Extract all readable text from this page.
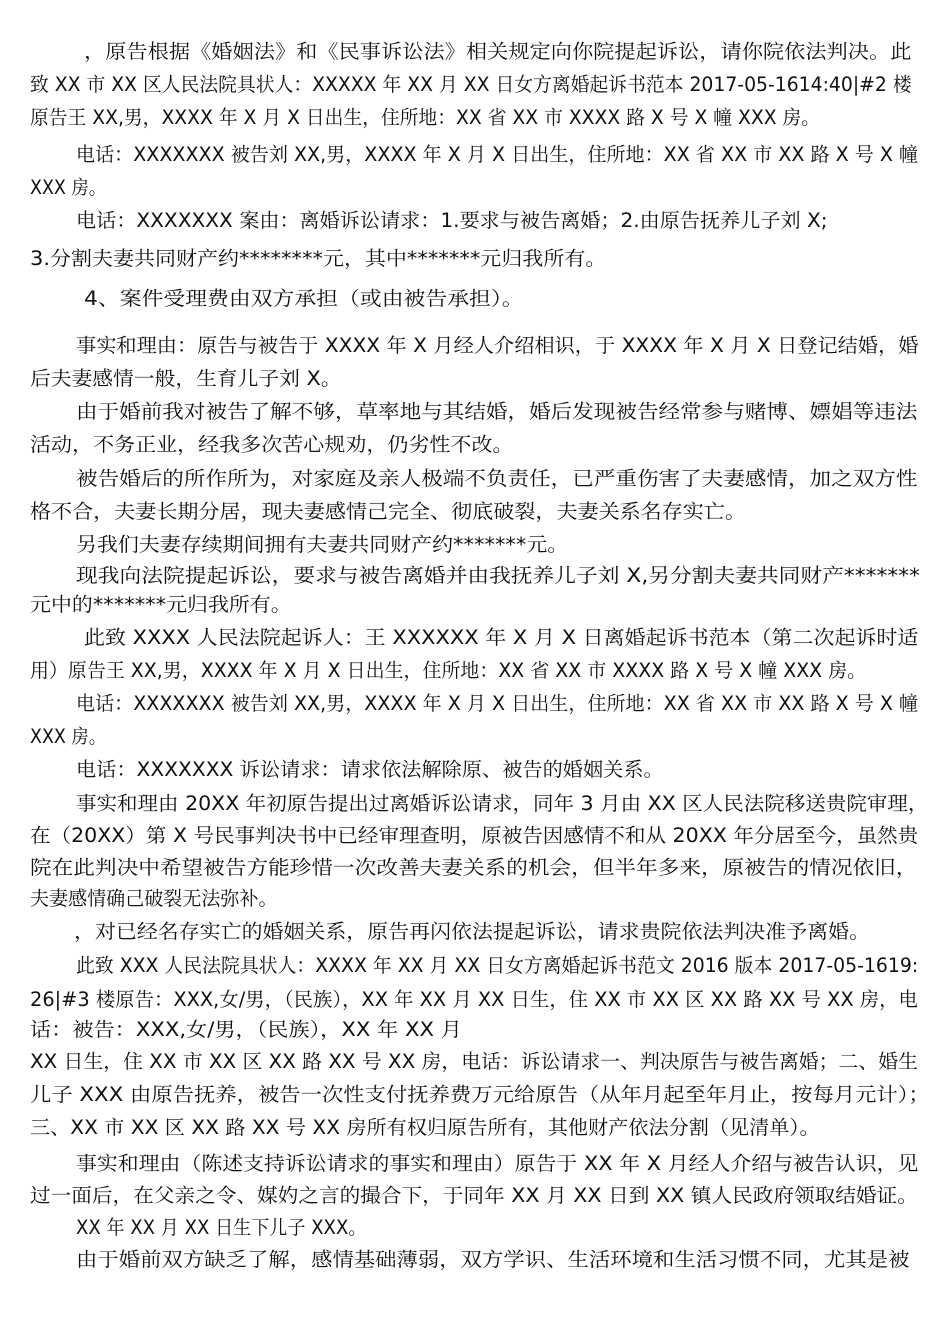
，原告根据《婚姻法》和《民事诉讼法》相关规定向你院提起诉讼，请你院依法判决。此
致 XX 市 XX 区人民法院具状人：XXXXX 年 XX 月 XX 日女方离婚起诉书范本 2017-05-1614:40|#2 楼
原告王 XX,男，XXXX 年 X 月 X 日出生，住所地：XX 省 XX 市 XXXX 路 X 号 X 幢 XXX 房。
电话：XXXXXXX 被告刘 XX,男，XXXX 年 X 月 X 日出生，住所地：XX 省 XX 市 XX 路 X 号 X 幢
XXX 房。
电话：XXXXXXX 案由：离婚诉讼请求：1.要求与被告离婚；2.由原告抚养儿子刘 X;
3.分割夫妻共同财产约********元，其中*******元归我所有。
4、案件受理费由双方承担（或由被告承担）。
事实和理由：原告与被告于 XXXX 年 X 月经人介绍相识，于 XXXX 年 X 月 X 日登记结婚，婚
后夫妻感情一般，生育儿子刘 X。
由于婚前我对被告了解不够，草率地与其结婚，婚后发现被告经常参与赌博、嫖娼等违法
活动，不务正业，经我多次苦心规劝，仍劣性不改。
被告婚后的所作所为，对家庭及亲人极端不负责任，已严重伤害了夫妻感情，加之双方性
格不合，夫妻长期分居，现夫妻感情己完全、彻底破裂，夫妻关系名存实亡。
另我们夫妻存续期间拥有夫妻共同财产约*******元。
现我向法院提起诉讼，要求与被告离婚并由我抚养儿子刘 X,另分割夫妻共同财产*******
元中的*******元归我所有。
此致 XXXX 人民法院起诉人：王 XXXXXX 年 X 月 X 日离婚起诉书范本（第二次起诉时适
用）原告王 XX,男，XXXX 年 X 月 X 日出生，住所地：XX 省 XX 市 XXXX 路 X 号 X 幢 XXX 房。
电话：XXXXXXX 被告刘 XX,男，XXXX 年 X 月 X 日出生，住所地：XX 省 XX 市 XX 路 X 号 X 幢
XXX 房。
电话：XXXXXXX 诉讼请求：请求依法解除原、被告的婚姻关系。
事实和理由 20XX 年初原告提出过离婚诉讼请求，同年 3 月由 XX 区人民法院移送贵院审理，
在（20XX）第 X 号民事判决书中已经审理查明，原被告因感情不和从 20XX 年分居至今，虽然贵
院在此判决中希望被告方能珍惜一次改善夫妻关系的机会，但半年多来，原被告的情况依旧，
夫妻感情确己破裂无法弥补。
，对已经名存实亡的婚姻关系，原告再闪依法提起诉讼，请求贵院依法判决准予离婚。
此致 XXX 人民法院具状人：XXXX 年 XX 月 XX 日女方离婚起诉书范文 2016 版本 2017-05-1619:
26|#3 楼原告：XXX,女/男，（民族），XX 年 XX 月 XX 日生，住 XX 市 XX 区 XX 路 XX 号 XX 房，电
话：被告：XXX,女/男，（民族），XX 年 XX 月
XX 日生，住 XX 市 XX 区 XX 路 XX 号 XX 房，电话：诉讼请求一、判决原告与被告离婚；二、婚生
儿子 XXX 由原告抚养，被告一次性支付抚养费万元给原告（从年月起至年月止，按每月元计）；
三、XX 市 XX 区 XX 路 XX 号 XX 房所有权归原告所有，其他财产依法分割（见清单）。
事实和理由（陈述支持诉讼请求的事实和理由）原告于 XX 年 X 月经人介绍与被告认识，见
过一面后，在父亲之令、媒妁之言的撮合下，于同年 XX 月 XX 日到 XX 镇人民政府领取结婚证。
XX 年 XX 月 XX 日生下儿子 XXX。
由于婚前双方缺乏了解，感情基础薄弱，双方学识、生活环境和生活习惯不同，尤其是被
